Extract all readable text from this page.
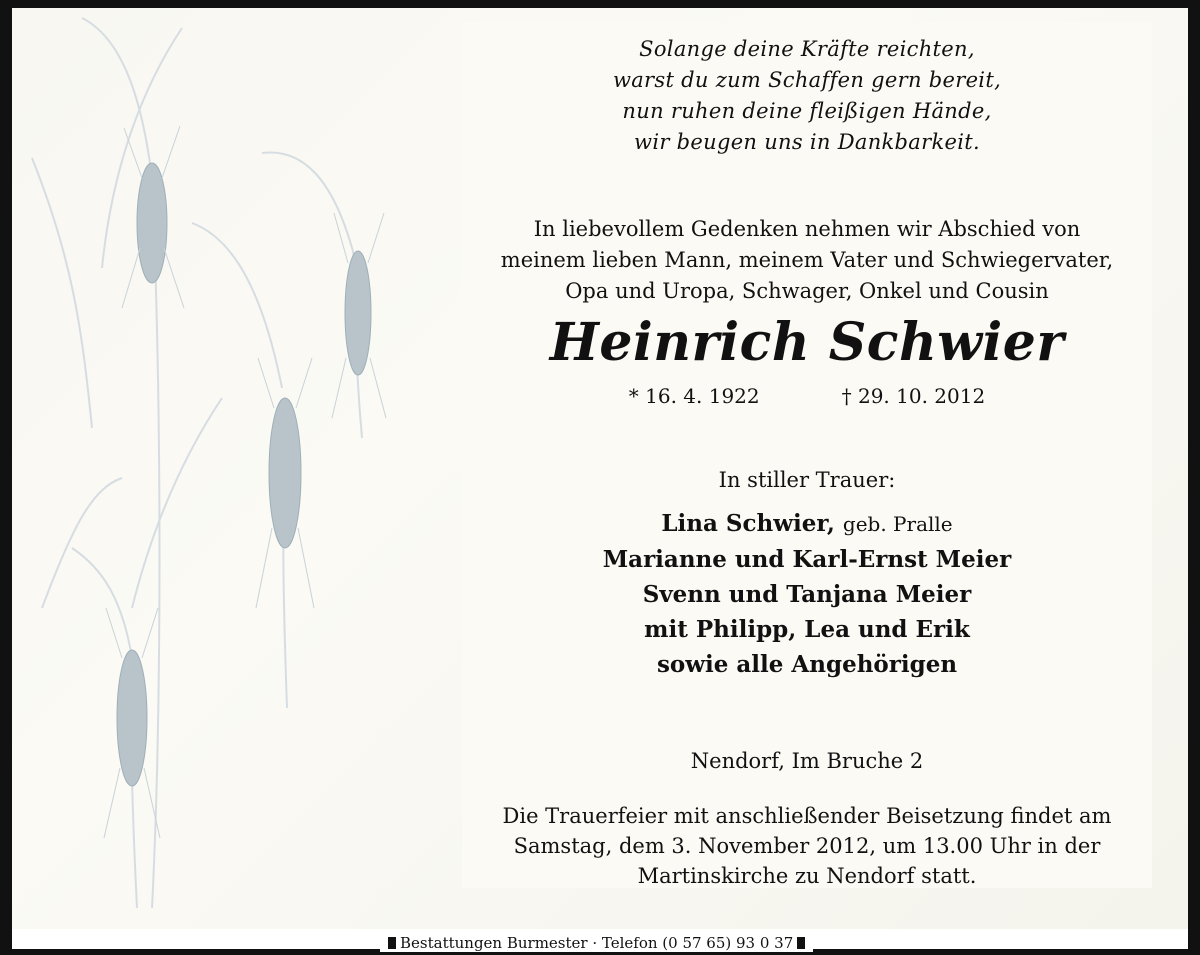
Solange deine Kräfte reichten,
warst du zum Schaffen gern bereit,
nun ruhen deine fleißigen Hände,
wir beugen uns in Dankbarkeit.
In liebevollem Gedenken nehmen wir Abschied von
meinem lieben Mann, meinem Vater und Schwiegervater,
Opa und Uropa, Schwager, Onkel und Cousin
Heinrich Schwier
* 16. 4. 1922	† 29. 10. 2012
In stiller Trauer:
Lina Schwier, geb. Pralle
Marianne und Karl-Ernst Meier
Svenn und Tanjana Meier
mit Philipp, Lea und Erik
sowie alle Angehörigen
Nendorf, Im Bruche 2
Die Trauerfeier mit anschließender Beisetzung findet am
Samstag, dem 3. November 2012, um 13.00 Uhr in der
Martinskirche zu Nendorf statt.
Bestattungen Burmester · Telefon (0 57 65) 93 0 37
